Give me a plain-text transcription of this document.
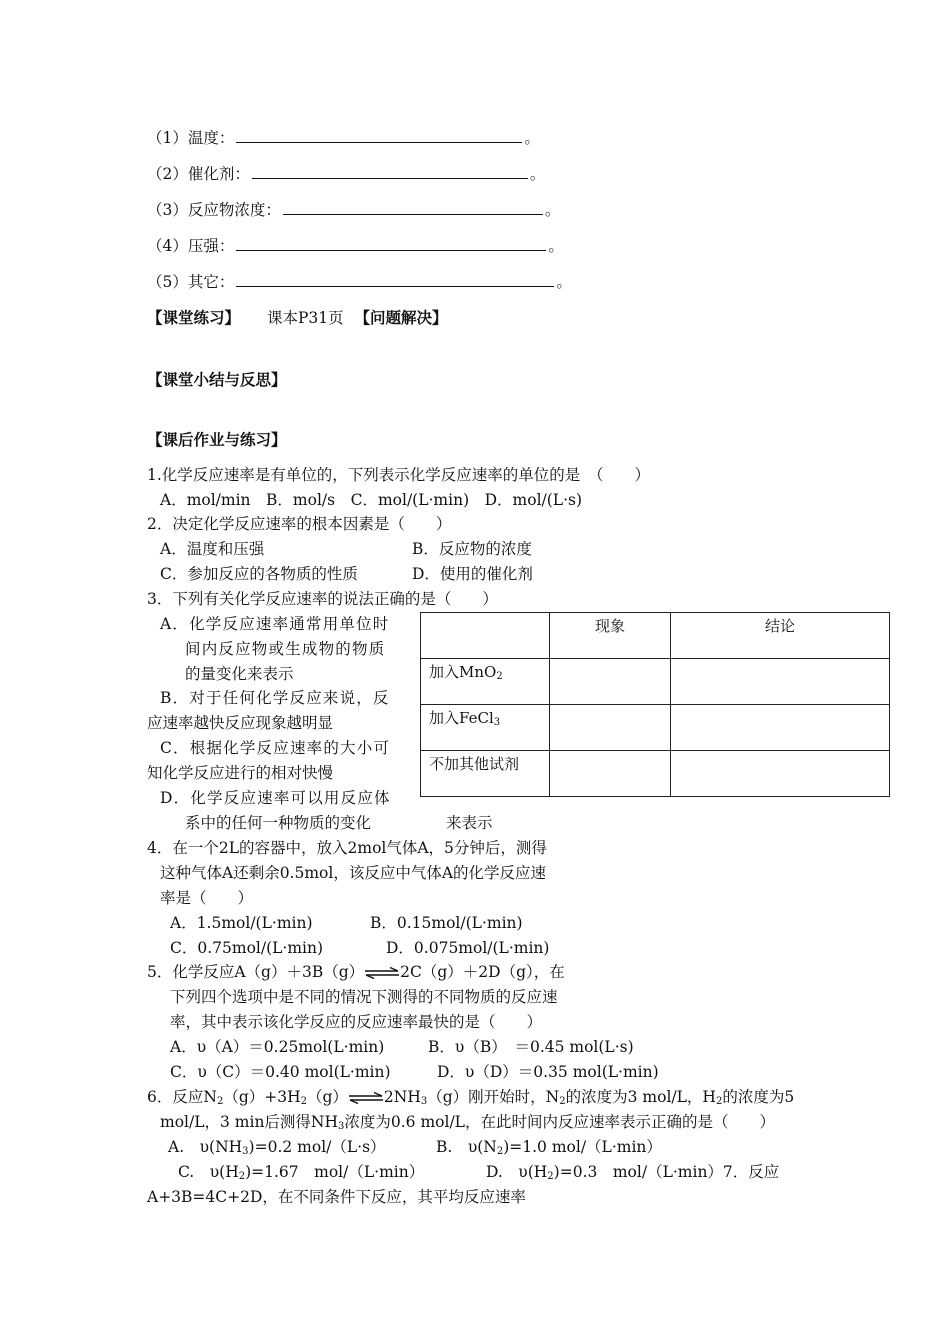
（1）温度：	。
（2）催化剂：	。
（3）反应物浓度：	。
（4）压强：	。
（5）其它：	。
【课堂练习】 课本P31页 【问题解决】
【课堂小结与反思】
【课后作业与练习】
1.化学反应速率是有单位的，下列表示化学反应速率的单位的是　（　　）
A．mol/min　B．mol/s　C．mol/(L·min)　D．mol/(L·s)
2．决定化学反应速率的根本因素是（　　）
A．温度和压强	B．反应物的浓度
C．参加反应的各物质的性质	D．使用的催化剂
3．下列有关化学反应速率的说法正确的是（　　）
A．化学反应速率通常用单位时
间内反应物或生成物的物质
的量变化来表示
B．对于任何化学反应来说，反
应速率越快反应现象越明显
C．根据化学反应速率的大小可
知化学反应进行的相对快慢
D．化学反应速率可以用反应体
系中的任何一种物质的变化	来表示
	现象	结论
加入MnO$_2$		
加入FeCl$_3$		
不加其他试剂		
4．在一个2L的容器中，放入2mol气体A，5分钟后，测得
这种气体A还剩余0.5mol，该反应中气体A的化学反应速
率是（　　）
A．1.5mol/(L·min)	B．0.15mol/(L·min)
C．0.75mol/(L·min)	D．0.075mol/(L·min)
5．化学反应A（g）＋3B（g）⇌2C（g）＋2D（g），在
下列四个选项中是不同的情况下测得的不同物质的反应速
率，其中表示该化学反应的反应速率最快的是（　　）
A．υ（A）＝0.25mol(L·min)	B．υ（B）　＝0.45 mol(L·s)
C．υ（C）＝0.40 mol(L·min)	D．υ（D）＝0.35 mol(L·min)
6．反应$N_2(g)+3H_2(g)\rightleftharpoons 2NH_3(g)$刚开始时，$N_2$的浓度为3 mol/L，$H_2$的浓度为5
mol/L，3 min后测得$NH_3$浓度为0.6 mol/L，在此时间内反应速率表示正确的是（　　）
A.　$\upsilon(NH_3)=0.2$ mol/（L·s）	B.　$\upsilon(N_2)=1.0$ mol/（L·min）
C.　$\upsilon(H_2)=1.67$　mol/（L·min）	D.　$\upsilon(H_2)=0.3$　mol/（L·min）7．反应
A+3B=4C+2D，在不同条件下反应，其平均反应速率
